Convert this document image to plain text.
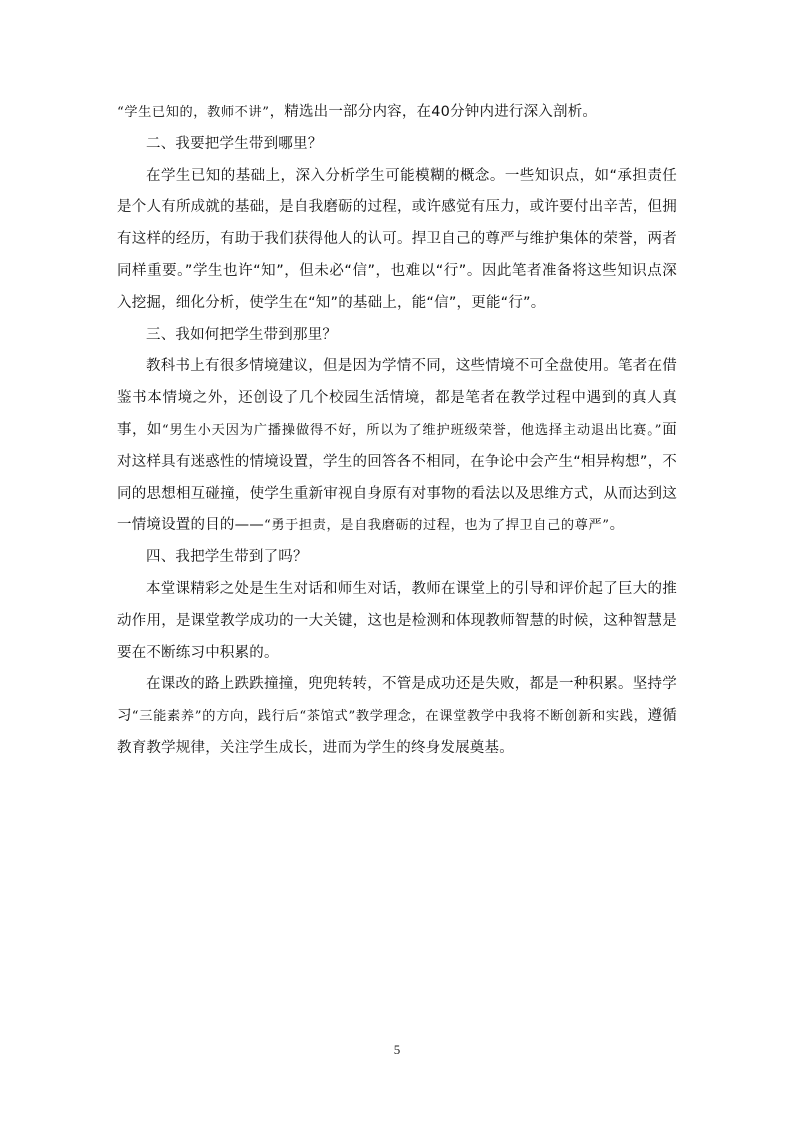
“学生已知的，教师不讲”，精选出一部分内容，在40分钟内进行深入剖析。

二、我要把学生带到哪里？

在学生已知的基础上，深入分析学生可能模糊的概念。一些知识点，如“承担责任是个人有所成就的基础，是自我磨砺的过程，或许感觉有压力，或许要付出辛苦，但拥有这样的经历，有助于我们获得他人的认可。捍卫自己的尊严与维护集体的荣誉，两者同样重要。”学生也许“知”，但未必“信”，也难以“行”。因此笔者准备将这些知识点深入挖掘，细化分析，使学生在“知”的基础上，能“信”，更能“行”。

三、我如何把学生带到那里？

教科书上有很多情境建议，但是因为学情不同，这些情境不可全盘使用。笔者在借鉴书本情境之外，还创设了几个校园生活情境，都是笔者在教学过程中遇到的真人真事，如“男生小天因为广播操做得不好，所以为了维护班级荣誉，他选择主动退出比赛。”面对这样具有迷惑性的情境设置，学生的回答各不相同，在争论中会产生“相异构想”，不同的思想相互碰撞，使学生重新审视自身原有对事物的看法以及思维方式，从而达到这一情境设置的目的——“勇于担责，是自我磨砺的过程，也为了捍卫自己的尊严”。

四、我把学生带到了吗？

本堂课精彩之处是生生对话和师生对话，教师在课堂上的引导和评价起了巨大的推动作用，是课堂教学成功的一大关键，这也是检测和体现教师智慧的时候，这种智慧是要在不断练习中积累的。

在课改的路上跌跌撞撞，兜兜转转，不管是成功还是失败，都是一种积累。坚持学习“三能素养”的方向，践行后“茶馆式”教学理念，在课堂教学中我将不断创新和实践，遵循教育教学规律，关注学生成长，进而为学生的终身发展奠基。

5
